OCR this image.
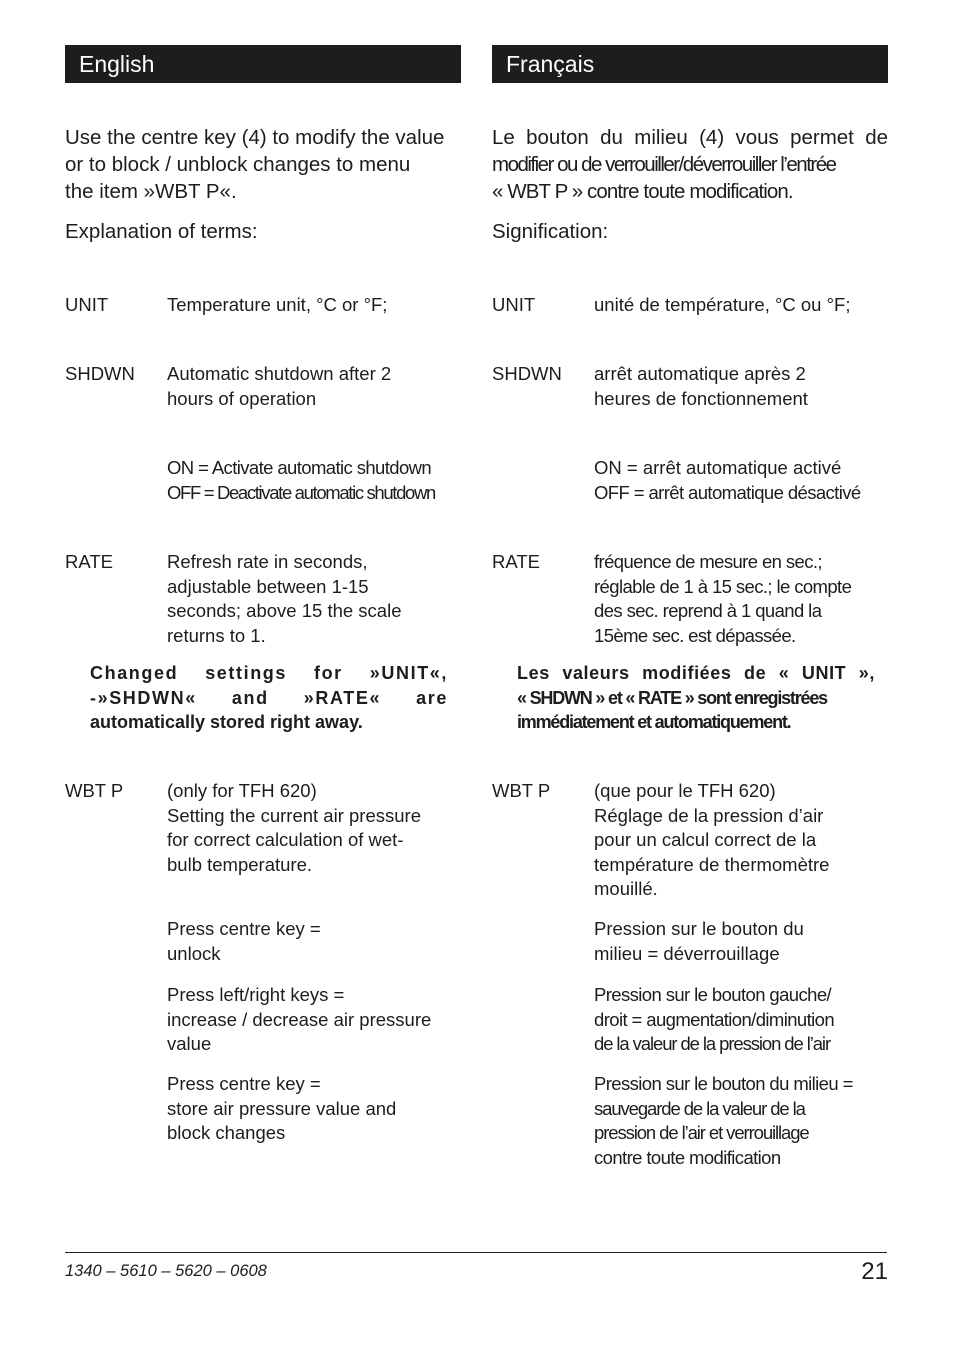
English
Use the centre key (4) to modify the value
or to block / unblock changes to menu
the item »WBT P«.
Explanation of terms:
UNIT	Temperature unit, °C or °F;
SHDWN Automatic shutdown after 2
hours of operation
ON = Activate automatic shutdown
OFF = Deactivate automatic shutdown
RATE	Refresh rate in seconds,
adjustable between 1-15
seconds; above 15 the scale
returns to 1.
Changed settings for »UNIT«,
-»SHDWN« and »RATE« are
automatically stored right away.
WBT P (only for TFH 620)
Setting the current air pressure
for correct calculation of wet-
bulb temperature.
Press centre key =
unlock
Press left/right keys =
increase / decrease air pressure
value
Press centre key =
store air pressure value and
block changes
Français
Le bouton du milieu (4) vous permet de
modifier ou de verrouiller/déverrouiller l’entrée
« WBT P » contre toute modification.
Signification:
UNIT	unité de température, °C ou °F;
SHDWN arrêt automatique après 2
heures de fonctionnement
ON = arrêt automatique activé
OFF = arrêt automatique désactivé
RATE	fréquence de mesure en sec.;
réglable de 1 à 15 sec.; le compte
des sec. reprend à 1 quand la
15ème sec. est dépassée.
Les valeurs modifiées de « UNIT »,
« SHDWN » et « RATE » sont enregistrées
immédiatement et automatiquement.
WBT P (que pour le TFH 620)
Réglage de la pression d’air
pour un calcul correct de la
température de thermomètre
mouillé.
Pression sur le bouton du
milieu = déverrouillage
Pression sur le bouton gauche/
droit = augmentation/diminution
de la valeur de la pression de l’air
Pression sur le bouton du milieu =
sauvegarde de la valeur de la
pression de l’air et verrouillage
contre toute modification
1340 – 5610 – 5620 – 0608	21
